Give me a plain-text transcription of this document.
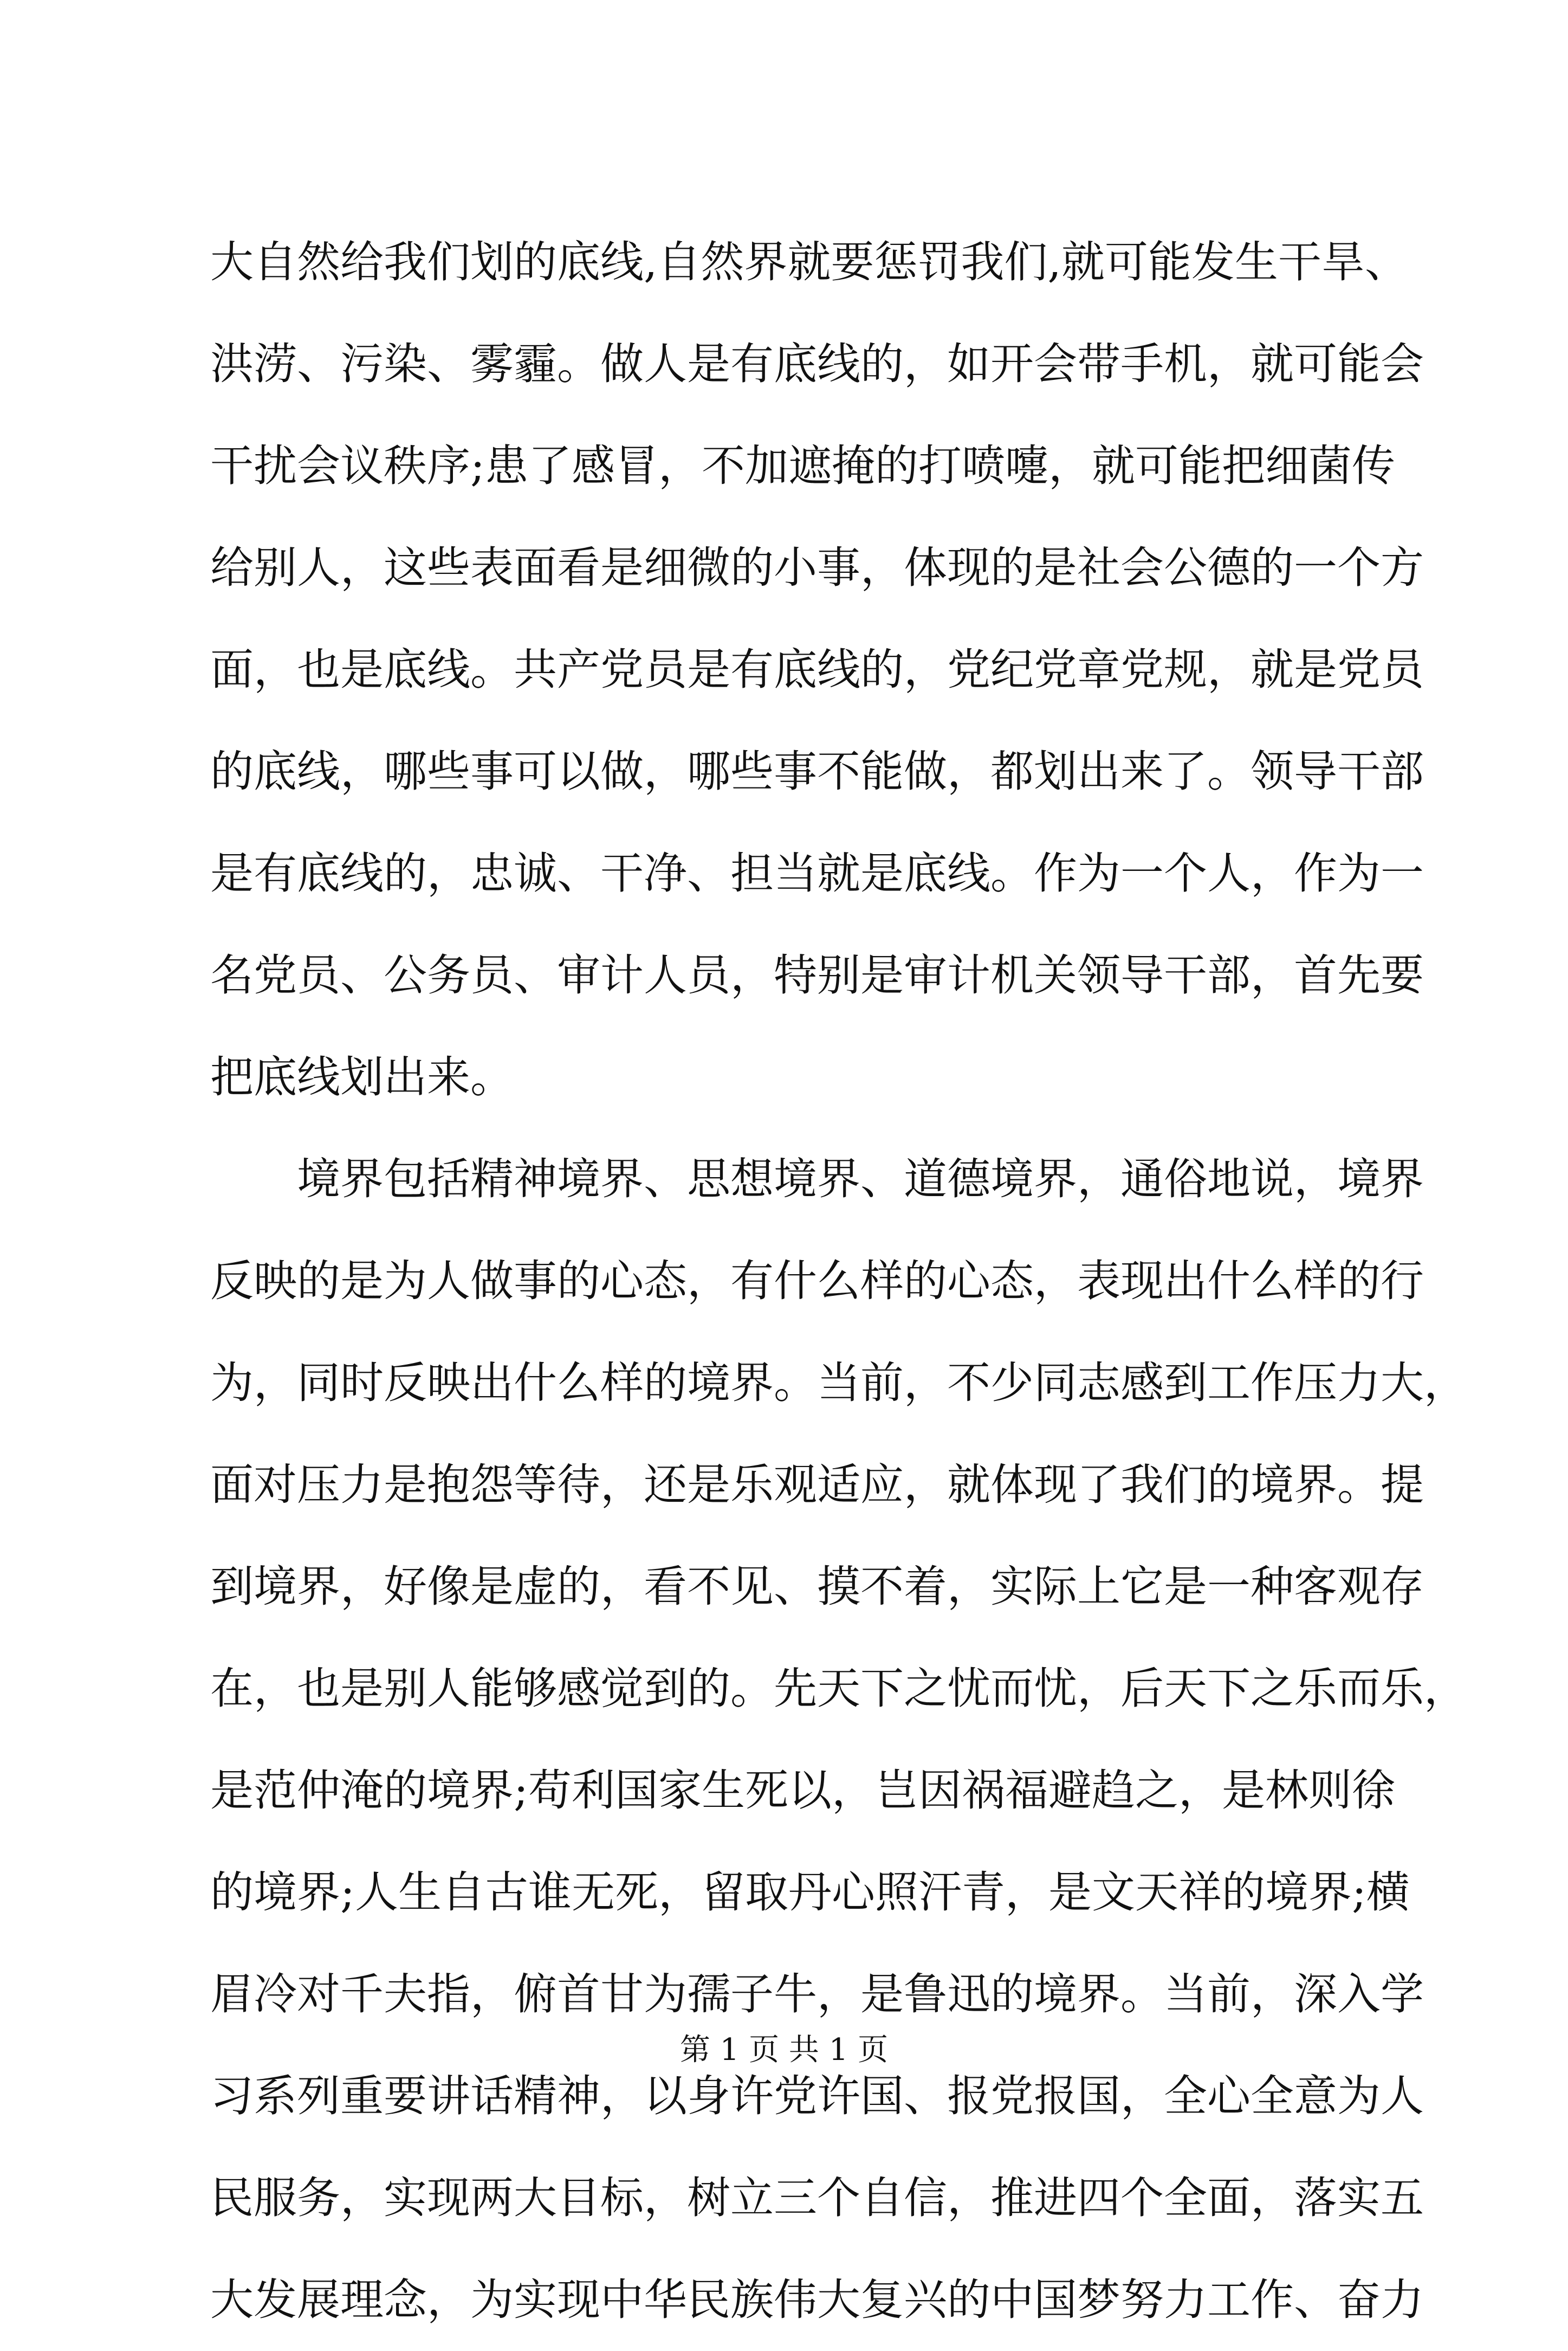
大自然给我们划的底线,自然界就要惩罚我们,就可能发生干旱、
洪涝、污染、雾霾。做人是有底线的，如开会带手机，就可能会
干扰会议秩序;患了感冒，不加遮掩的打喷嚏，就可能把细菌传
给别人，这些表面看是细微的小事，体现的是社会公德的一个方
面，也是底线。共产党员是有底线的，党纪党章党规，就是党员
的底线，哪些事可以做，哪些事不能做，都划出来了。领导干部
是有底线的，忠诚、干净、担当就是底线。作为一个人，作为一
名党员、公务员、审计人员，特别是审计机关领导干部，首先要
把底线划出来。
境界包括精神境界、思想境界、道德境界，通俗地说，境界
反映的是为人做事的心态，有什么样的心态，表现出什么样的行
为，同时反映出什么样的境界。当前，不少同志感到工作压力大，
面对压力是抱怨等待，还是乐观适应，就体现了我们的境界。提
到境界，好像是虚的，看不见、摸不着，实际上它是一种客观存
在，也是别人能够感觉到的。先天下之忧而忧，后天下之乐而乐，
是范仲淹的境界;苟利国家生死以，岂因祸福避趋之，是林则徐
的境界;人生自古谁无死，留取丹心照汗青，是文天祥的境界;横
眉冷对千夫指，俯首甘为孺子牛，是鲁迅的境界。当前，深入学
习系列重要讲话精神，以身许党许国、报党报国，全心全意为人
民服务，实现两大目标，树立三个自信，推进四个全面，落实五
大发展理念，为实现中华民族伟大复兴的中国梦努力工作、奋力
第 1 页 共 1 页
